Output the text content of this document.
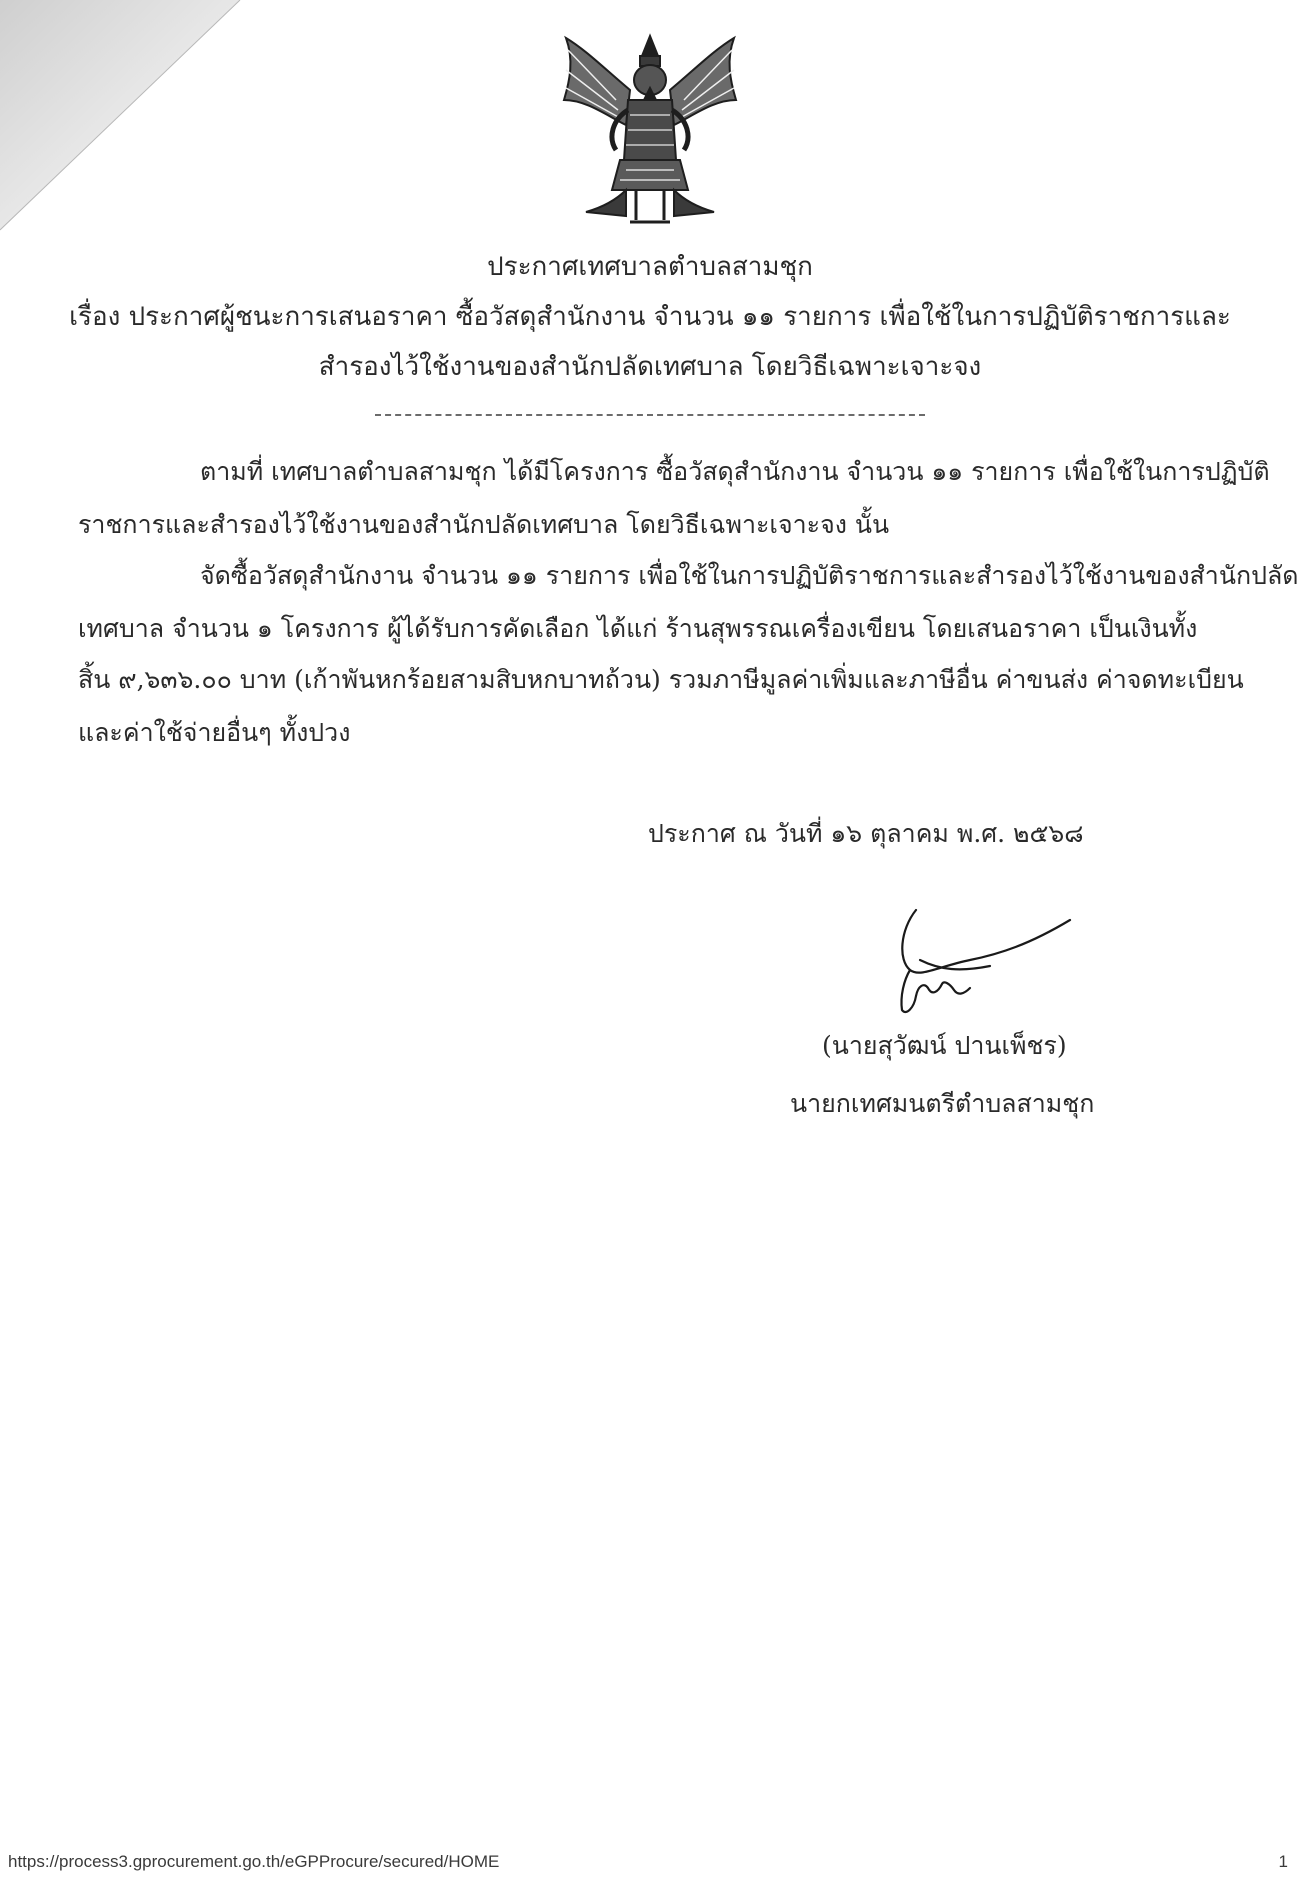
ประกาศเทศบาลตำบลสามชุก
เรื่อง ประกาศผู้ชนะการเสนอราคา ซื้อวัสดุสำนักงาน จำนวน ๑๑ รายการ เพื่อใช้ในการปฏิบัติราชการและ
สำรองไว้ใช้งานของสำนักปลัดเทศบาล โดยวิธีเฉพาะเจาะจง
ตามที่ เทศบาลตำบลสามชุก ได้มีโครงการ ซื้อวัสดุสำนักงาน จำนวน ๑๑ รายการ เพื่อใช้ในการปฏิบัติ
ราชการและสำรองไว้ใช้งานของสำนักปลัดเทศบาล โดยวิธีเฉพาะเจาะจง นั้น
จัดซื้อวัสดุสำนักงาน จำนวน ๑๑ รายการ เพื่อใช้ในการปฏิบัติราชการและสำรองไว้ใช้งานของสำนักปลัด
เทศบาล จำนวน ๑ โครงการ ผู้ได้รับการคัดเลือก ได้แก่ ร้านสุพรรณเครื่องเขียน โดยเสนอราคา เป็นเงินทั้ง
สิ้น ๙,๖๓๖.๐๐ บาท (เก้าพันหกร้อยสามสิบหกบาทถ้วน) รวมภาษีมูลค่าเพิ่มและภาษีอื่น ค่าขนส่ง ค่าจดทะเบียน
และค่าใช้จ่ายอื่นๆ ทั้งปวง
ประกาศ ณ วันที่ ๑๖ ตุลาคม พ.ศ. ๒๕๖๘
(นายสุวัฒน์ ปานเพ็ชร)
นายกเทศมนตรีตำบลสามชุก
https://process3.gprocurement.go.th/eGPProcure/secured/HOME	1
